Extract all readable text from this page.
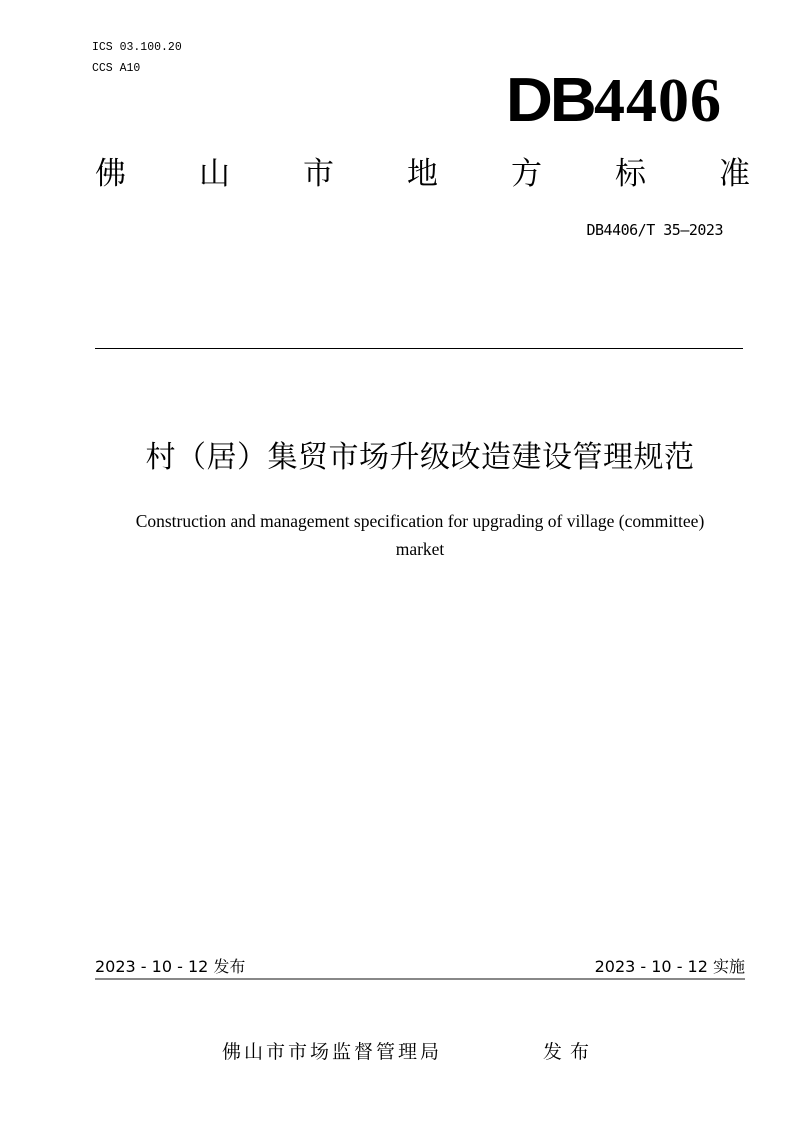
ICS 03.100.20
CCS A10	DB4406
佛 山 市 地 方 标 准
DB4406/T 35—2023
村（居）集贸市场升级改造建设管理规范
Construction and management specification for upgrading of village (committee)
market
2023 - 10 - 12 发布	2023 - 10 - 12 实施
佛山市市场监督管理局	发布
